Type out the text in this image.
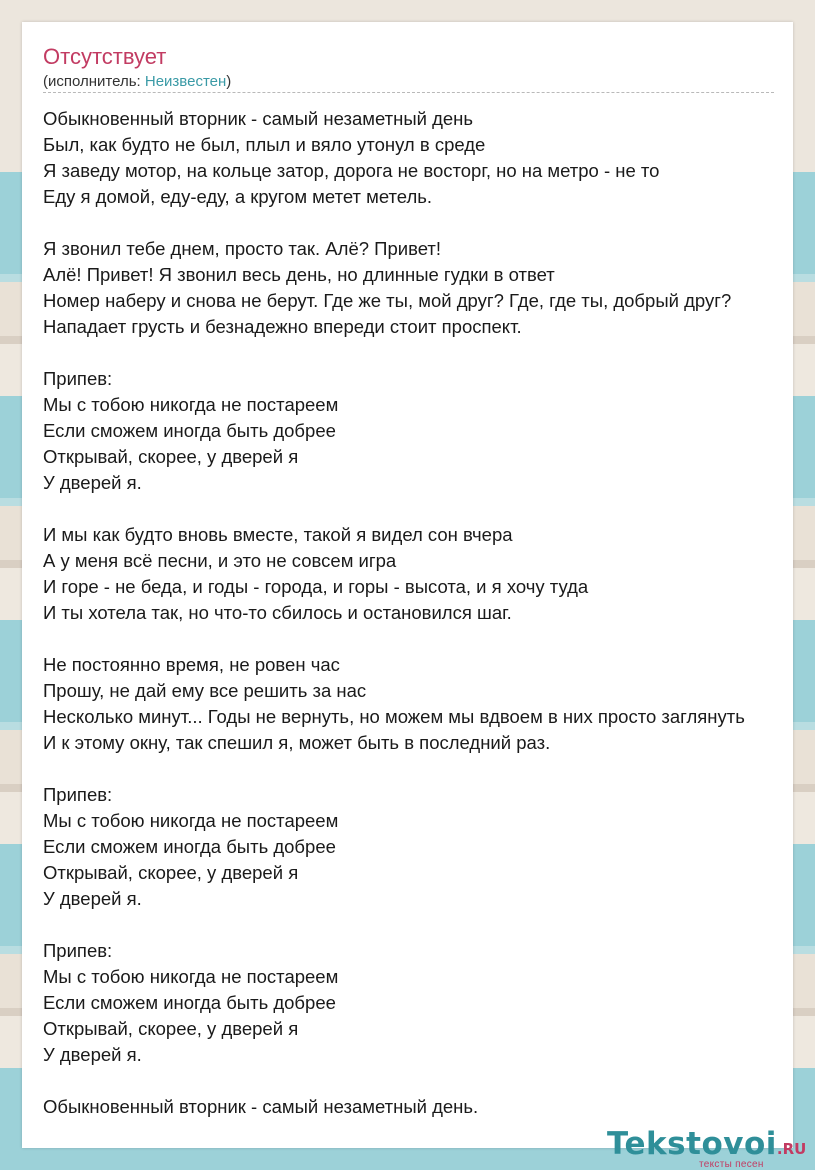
Отсутствует
(исполнитель: Неизвестен)
Обыкновенный вторник - самый незаметный день
Был, как будто не был, плыл и вяло утонул в среде
Я заведу мотор, на кольце затор, дорога не восторг, но на метро - не то
Еду я домой, еду-еду, а кругом метет метель.
Я звонил тебе днем, просто так. Алё? Привет!
Алё! Привет! Я звонил весь день, но длинные гудки в ответ
Номер наберу и снова не берут. Где же ты, мой друг? Где, где ты, добрый друг?
Нападает грусть и безнадежно впереди стоит проспект.
Припев:
Мы с тобою никогда не постареем
Если сможем иногда быть добрее
Открывай, скорее, у дверей я
У дверей я.
И мы как будто вновь вместе, такой я видел сон вчера
А у меня всё песни, и это не совсем игра
И горе - не беда, и годы - города, и горы - высота, и я хочу туда
И ты хотела так, но что-то сбилось и остановился шаг.
Не постоянно время, не ровен час
Прошу, не дай ему все решить за нас
Несколько минут... Годы не вернуть, но можем мы вдвоем в них просто заглянуть
И к этому окну, так спешил я, может быть в последний раз.
Припев:
Мы с тобою никогда не постареем
Если сможем иногда быть добрее
Открывай, скорее, у дверей я
У дверей я.
Припев:
Мы с тобою никогда не постареем
Если сможем иногда быть добрее
Открывай, скорее, у дверей я
У дверей я.
Обыкновенный вторник - самый незаметный день.
Tekstovoi.RU
тексты песен
